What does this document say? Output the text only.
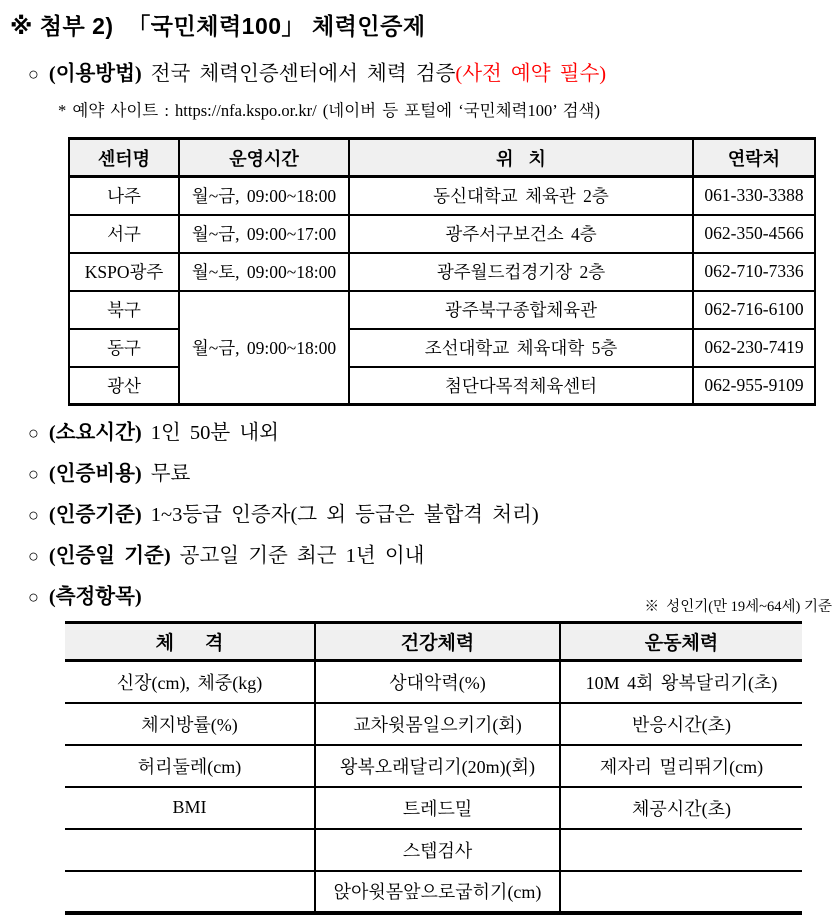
※ 첨부 2)  「국민체력100」 체력인증제
○ (이용방법) 전국 체력인증센터에서 체력 검증(사전 예약 필수)
* 예약 사이트 : https://nfa.kspo.or.kr/ (네이버 등 포털에 ‘국민체력100’ 검색)
센터명	운영시간	위  치	연락처
나주	월~금, 09:00~18:00	동신대학교 체육관 2층	061-330-3388
서구	월~금, 09:00~17:00	광주서구보건소 4층	062-350-4566
KSPO광주	월~토, 09:00~18:00	광주월드컵경기장 2층	062-710-7336
북구	월~금, 09:00~18:00	광주북구종합체육관	062-716-6100
동구		조선대학교 체육대학 5층	062-230-7419
광산		첨단다목적체육센터	062-955-9109
○ (소요시간) 1인 50분 내외
○ (인증비용) 무료
○ (인증기준) 1~3등급 인증자(그 외 등급은 불합격 처리)
○ (인증일 기준) 공고일 기준 최근 1년 이내
○ (측정항목)	※  성인기(만 19세~64세) 기준
체    격	건강체력	운동체력
신장(cm), 체중(kg)	상대악력(%)	10M 4회 왕복달리기(초)
체지방률(%)	교차윗몸일으키기(회)	반응시간(초)
허리둘레(cm)	왕복오래달리기(20m)(회)	제자리 멀리뛰기(cm)
BMI	트레드밀	체공시간(초)
	스텝검사	
	앉아윗몸앞으로굽히기(cm)	
